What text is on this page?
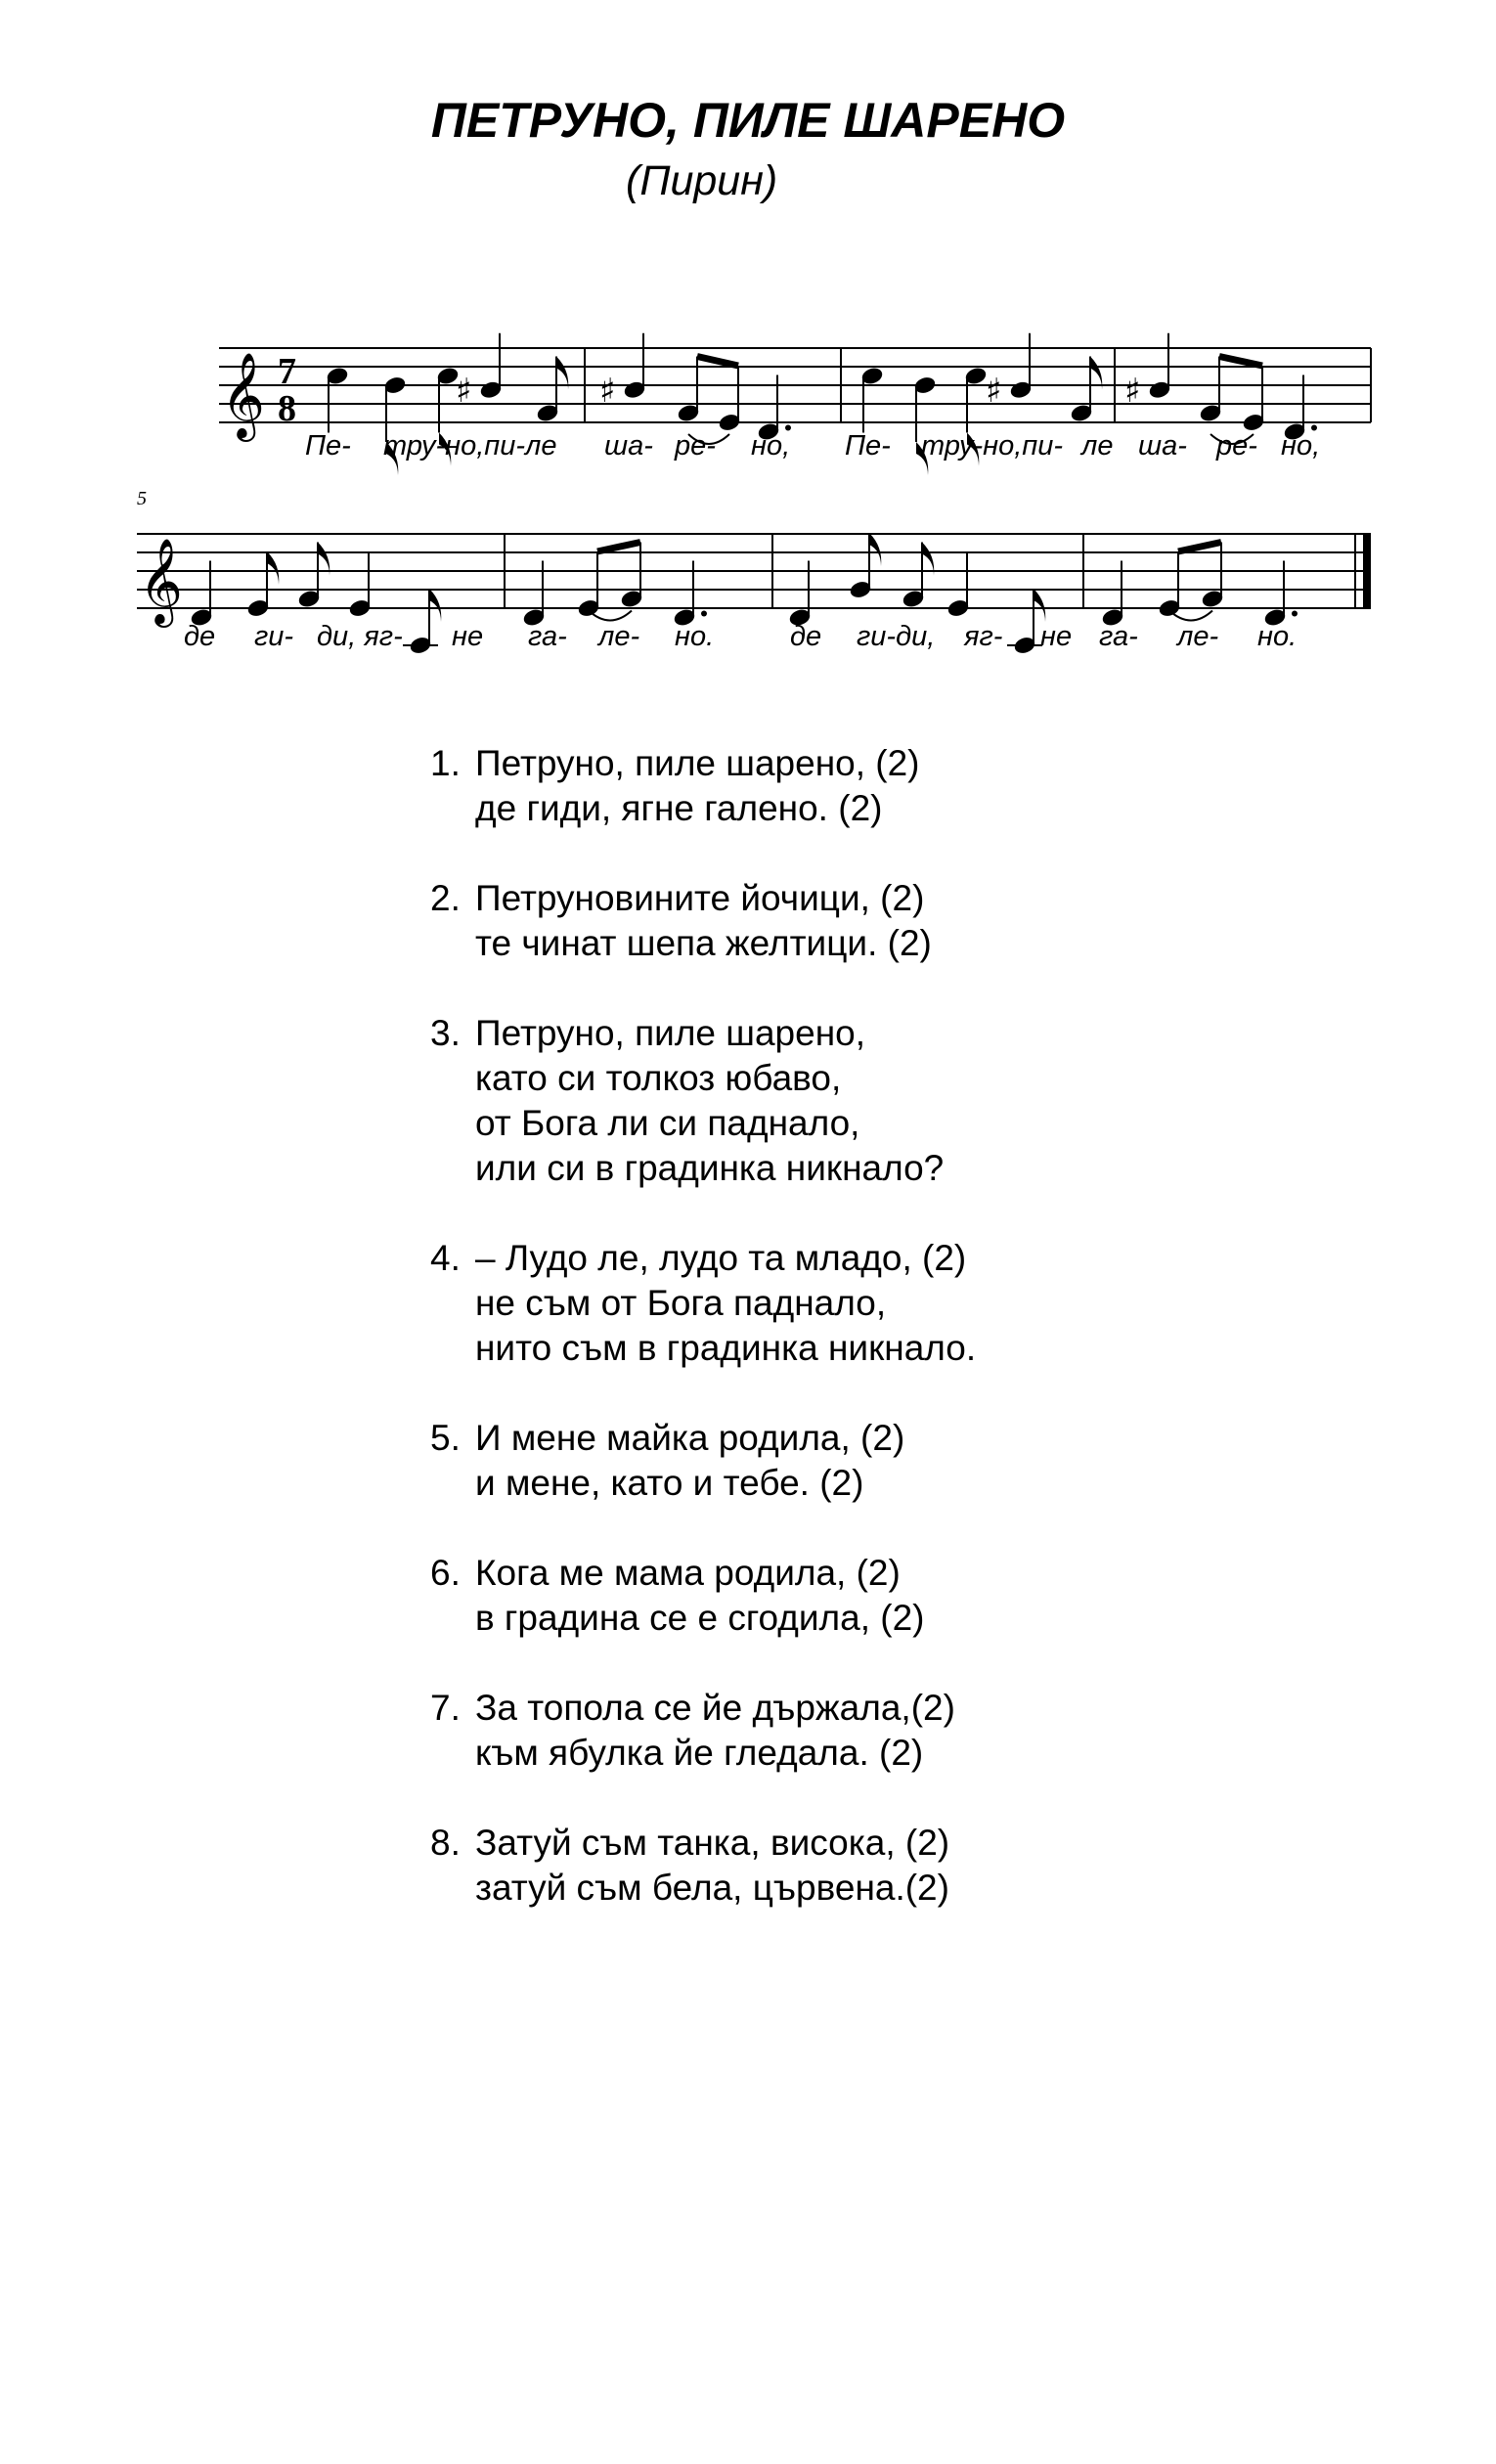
ПЕТРУНО, ПИЛЕ ШАРЕНО
(Пирин)
𝄞 7
8	♯	♯	♯	♯
Пе- тру-но,пи-ле ша- ре- но, Пе- тру-но,пи- ле ша- ре- но,
5
𝄞
де ги- ди, яг- не га- ле- но.	де ги-ди, яг- не га- ле- но.
1. Петруно, пиле шарено, (2)
де гиди, ягне галено. (2)
2. Петруновините йочици, (2)
те чинат шепа желтици. (2)
3. Петруно, пиле шарено,
като си толкоз юбаво,
от Бога ли си паднало,
или си в градинка никнало?
4. – Лудо ле, лудо та младо, (2)
не съм от Бога паднало,
нито съм в градинка никнало.
5. И мене майка родила, (2)
и мене, като и тебе. (2)
6. Кога ме мама родила, (2)
в градина се е сгодила, (2)
7. За топола се йе държала,(2)
към ябулка йе гледала. (2)
8. Затуй съм танка, висока, (2)
затуй съм бела, цървена.(2)
